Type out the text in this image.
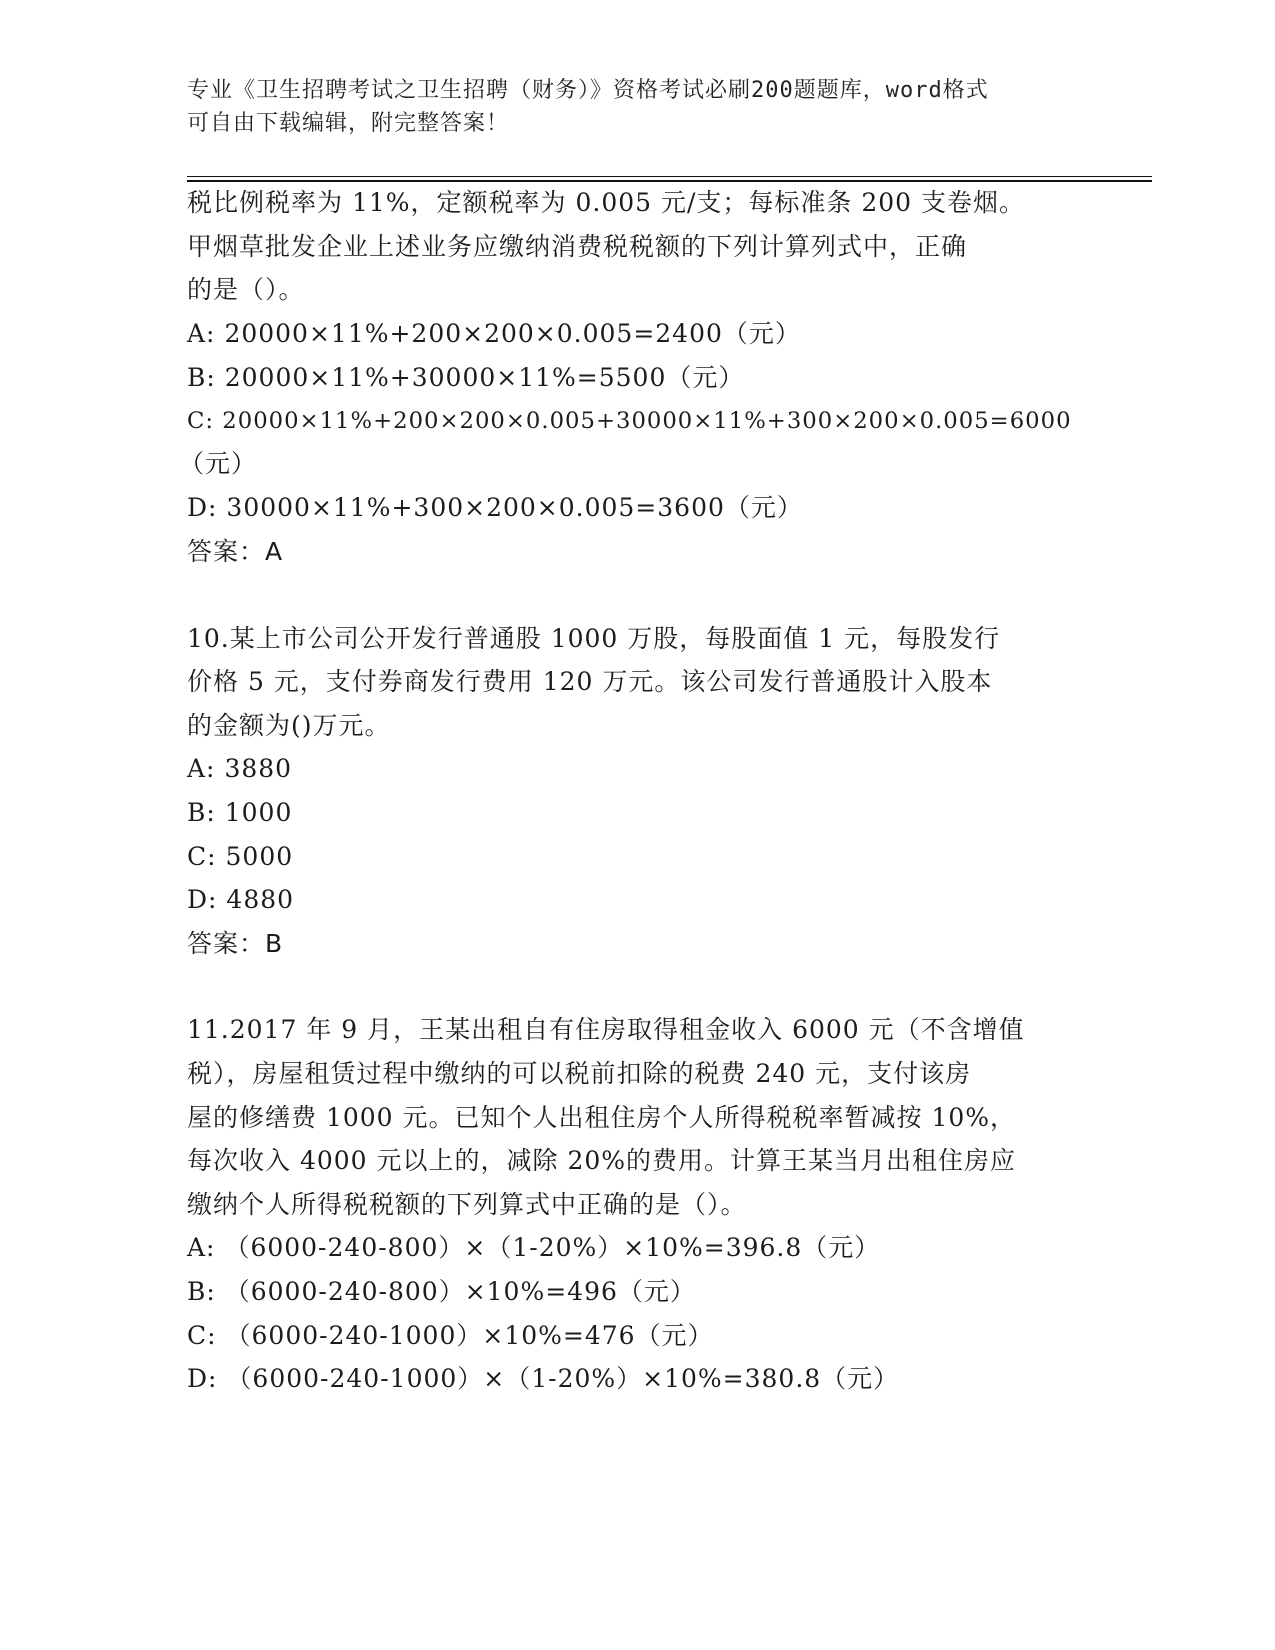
专业《卫生招聘考试之卫生招聘（财务）》资格考试必刷200题题库，word格式
可自由下载编辑，附完整答案！
税比例税率为 11%，定额税率为 0.005 元/支；每标准条 200 支卷烟。
甲烟草批发企业上述业务应缴纳消费税税额的下列计算列式中，正确
的是（）。
A: 20000×11%+200×200×0.005=2400（元）
B: 20000×11%+30000×11%=5500（元）
C: 20000×11%+200×200×0.005+30000×11%+300×200×0.005=6000
（元）
D: 30000×11%+300×200×0.005=3600（元）
答案：A
10.某上市公司公开发行普通股 1000 万股，每股面值 1 元，每股发行
价格 5 元，支付券商发行费用 120 万元。该公司发行普通股计入股本
的金额为()万元。
A: 3880
B: 1000
C: 5000
D: 4880
答案：B
11.2017 年 9 月，王某出租自有住房取得租金收入 6000 元（不含增值
税），房屋租赁过程中缴纳的可以税前扣除的税费 240 元，支付该房
屋的修缮费 1000 元。已知个人出租住房个人所得税税率暂减按 10%，
每次收入 4000 元以上的，减除 20%的费用。计算王某当月出租住房应
缴纳个人所得税税额的下列算式中正确的是（）。
A: （6000-240-800）×（1-20%）×10%=396.8（元）
B: （6000-240-800）×10%=496（元）
C: （6000-240-1000）×10%=476（元）
D: （6000-240-1000）×（1-20%）×10%=380.8（元）
